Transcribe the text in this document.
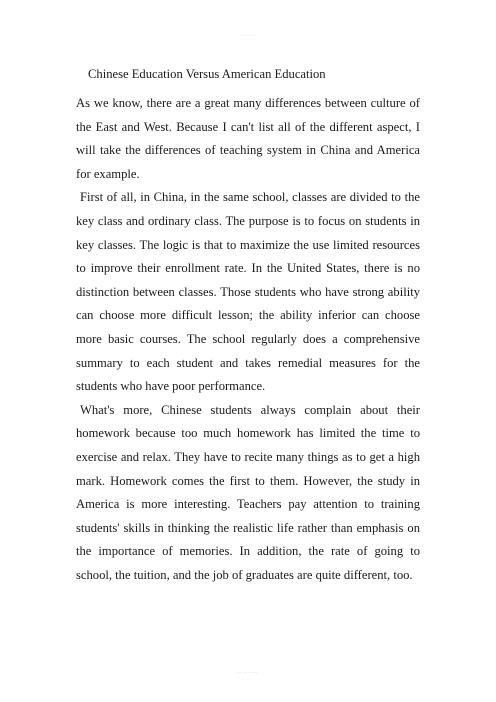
————
Chinese Education Versus American Education

As we know, there are a great many differences between culture of the East and West. Because I can't list all of the different aspect, I will take the differences of teaching system in China and America for example.

First of all, in China, in the same school, classes are divided to the key class and ordinary class. The purpose is to focus on students in key classes. The logic is that to maximize the use limited resources to improve their enrollment rate. In the United States, there is no distinction between classes. Those students who have strong ability can choose more difficult lesson; the ability inferior can choose more basic courses. The school regularly does a comprehensive summary to each student and takes remedial measures for the students who have poor performance.

What's more, Chinese students always complain about their homework because too much homework has limited the time to exercise and relax. They have to recite many things as to get a high mark. Homework comes the first to them. However, the study in America is more interesting. Teachers pay attention to training students' skills in thinking the realistic life rather than emphasis on the importance of memories. In addition, the rate of going to school, the tuition, and the job of graduates are quite different, too.

— — ——
